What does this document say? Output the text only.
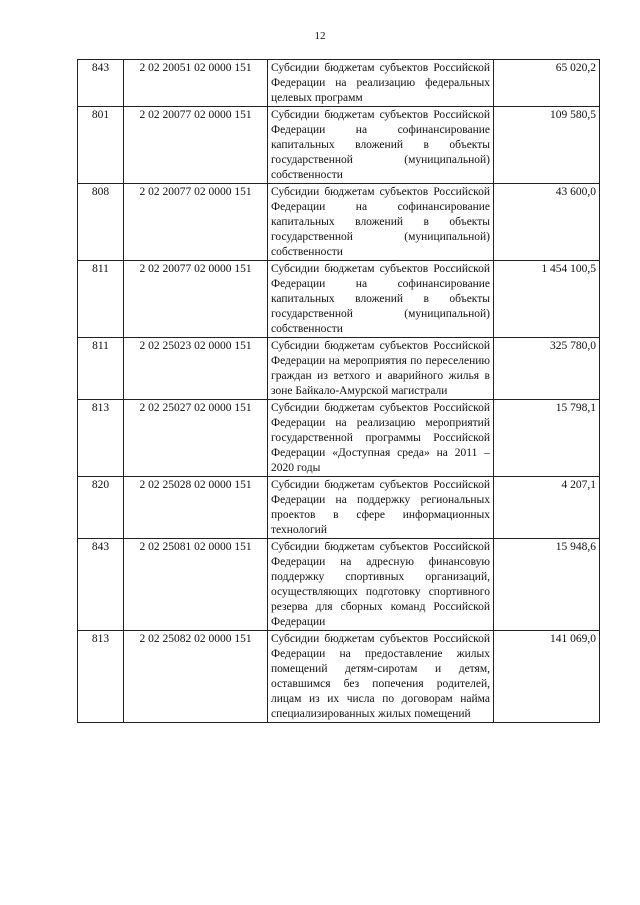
12
843	2 02 20051 02 0000 151	Субсидии бюджетам субъектов Российской Федерации на реализацию федеральных целевых программ	65 020,2
801	2 02 20077 02 0000 151	Субсидии бюджетам субъектов Российской Федерации на софинансирование капитальных вложений в объекты государственной (муниципальной) собственности	109 580,5
808	2 02 20077 02 0000 151	Субсидии бюджетам субъектов Российской Федерации на софинансирование капитальных вложений в объекты государственной (муниципальной) собственности	43 600,0
811	2 02 20077 02 0000 151	Субсидии бюджетам субъектов Российской Федерации на софинансирование капитальных вложений в объекты государственной (муниципальной) собственности	1 454 100,5
811	2 02 25023 02 0000 151	Субсидии бюджетам субъектов Российской Федерации на мероприятия по переселению граждан из ветхого и аварийного жилья в зоне Байкало-Амурской магистрали	325 780,0
813	2 02 25027 02 0000 151	Субсидии бюджетам субъектов Российской Федерации на реализацию мероприятий государственной программы Российской Федерации «Доступная среда» на 2011 – 2020 годы	15 798,1
820	2 02 25028 02 0000 151	Субсидии бюджетам субъектов Российской Федерации на поддержку региональных проектов в сфере информационных технологий	4 207,1
843	2 02 25081 02 0000 151	Субсидии бюджетам субъектов Российской Федерации на адресную финансовую поддержку спортивных организаций, осуществляющих подготовку спортивного резерва для сборных команд Российской Федерации	15 948,6
813	2 02 25082 02 0000 151	Субсидии бюджетам субъектов Российской Федерации на предоставление жилых помещений детям-сиротам и детям, оставшимся без попечения родителей, лицам из их числа по договорам найма специализированных жилых помещений	141 069,0
